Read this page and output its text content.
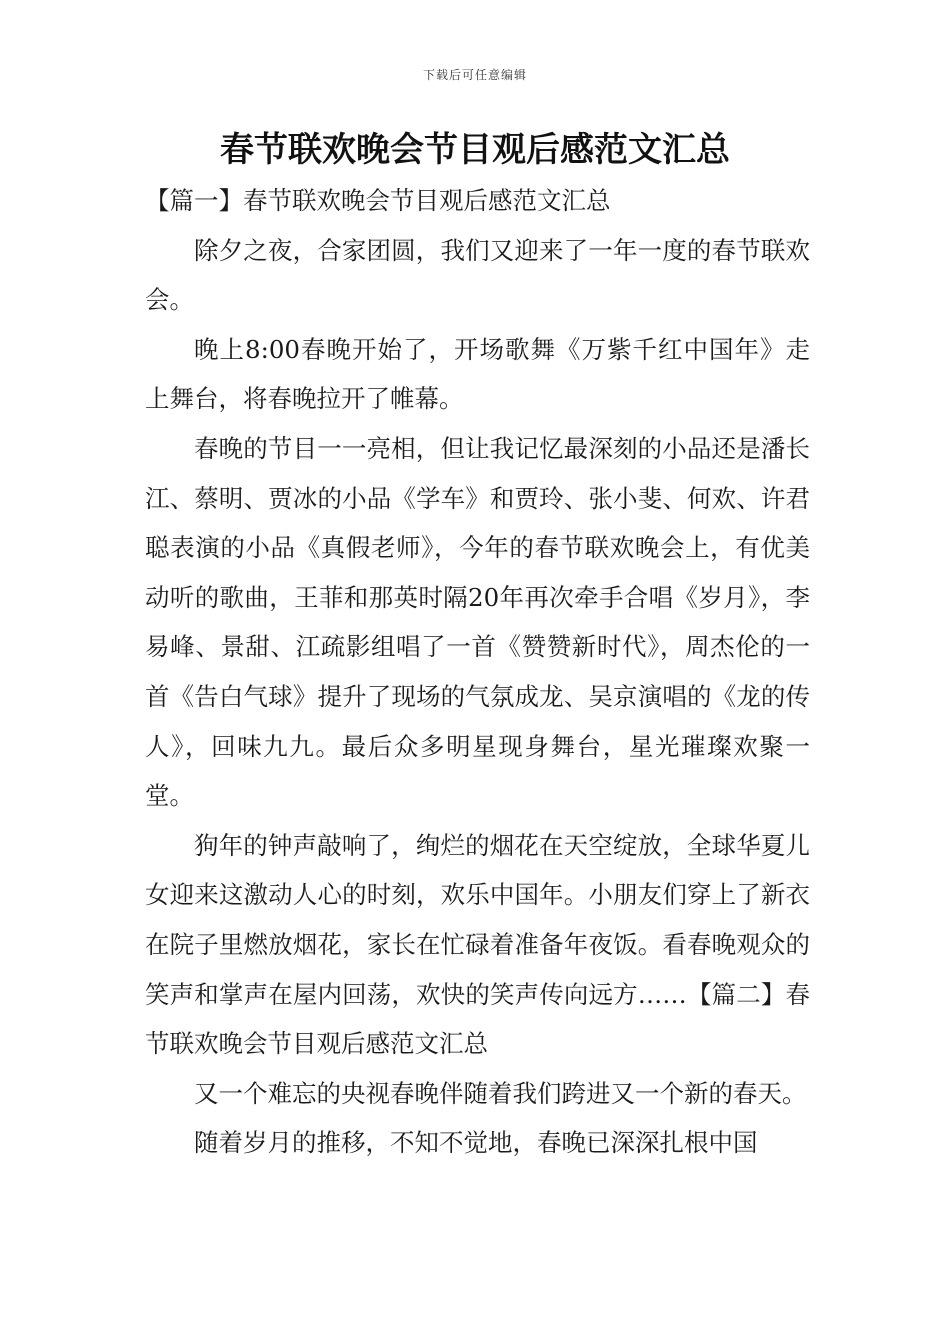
下载后可任意编辑
春节联欢晚会节目观后感范文汇总

【篇一】春节联欢晚会节目观后感范文汇总

除夕之夜，合家团圆，我们又迎来了一年一度的春节联欢会。

晚上8:00春晚开始了，开场歌舞《万紫千红中国年》走上舞台，将春晚拉开了帷幕。

春晚的节目一一亮相，但让我记忆最深刻的小品还是潘长江、蔡明、贾冰的小品《学车》和贾玲、张小斐、何欢、许君聪表演的小品《真假老师》，今年的春节联欢晚会上，有优美动听的歌曲，王菲和那英时隔20年再次牵手合唱《岁月》，李易峰、景甜、江疏影组唱了一首《赞赞新时代》，周杰伦的一首《告白气球》提升了现场的气氛成龙、吴京演唱的《龙的传人》，回味九九。最后众多明星现身舞台，星光璀璨欢聚一堂。

狗年的钟声敲响了，绚烂的烟花在天空绽放，全球华夏儿女迎来这激动人心的时刻，欢乐中国年。小朋友们穿上了新衣在院子里燃放烟花，家长在忙碌着准备年夜饭。看春晚观众的笑声和掌声在屋内回荡，欢快的笑声传向远方……【篇二】春节联欢晚会节目观后感范文汇总

又一个难忘的央视春晚伴随着我们跨进又一个新的春天。

随着岁月的推移，不知不觉地，春晚已深深扎根中国
